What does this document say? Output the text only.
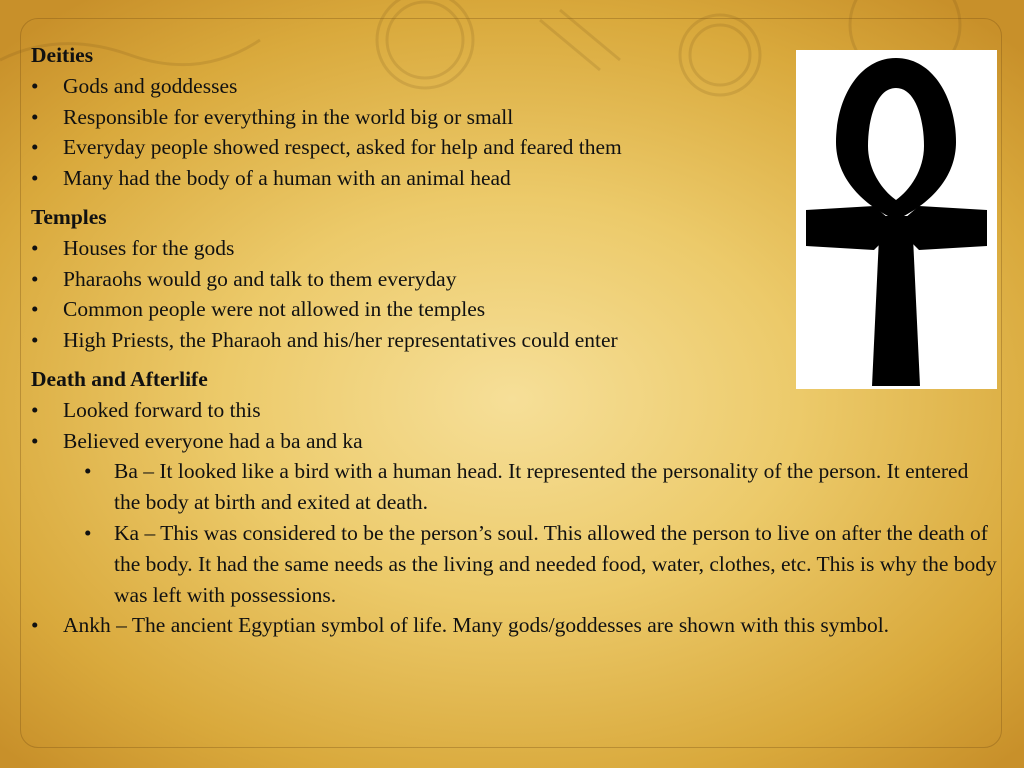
Deities
• Gods and goddesses
• Responsible for everything in the world big or small
• Everyday people showed respect, asked for help and feared them
• Many had the body of a human with an animal head
Temples
• Houses for the gods
• Pharaohs would go and talk to them everyday
• Common people were not allowed in the temples
• High Priests, the Pharaoh and his/her representatives could enter
Death and Afterlife
• Looked forward to this
• Believed everyone had a ba and ka
• Ba – It looked like a bird with a human head. It represented the personality of the person. It entered the body at birth and exited at death.
• Ka – This was considered to be the person’s soul. This allowed the person to live on after the death of the body. It had the same needs as the living and needed food, water, clothes, etc. This is why the body was left with possessions.
• Ankh – The ancient Egyptian symbol of life. Many gods/goddesses are shown with this symbol.
